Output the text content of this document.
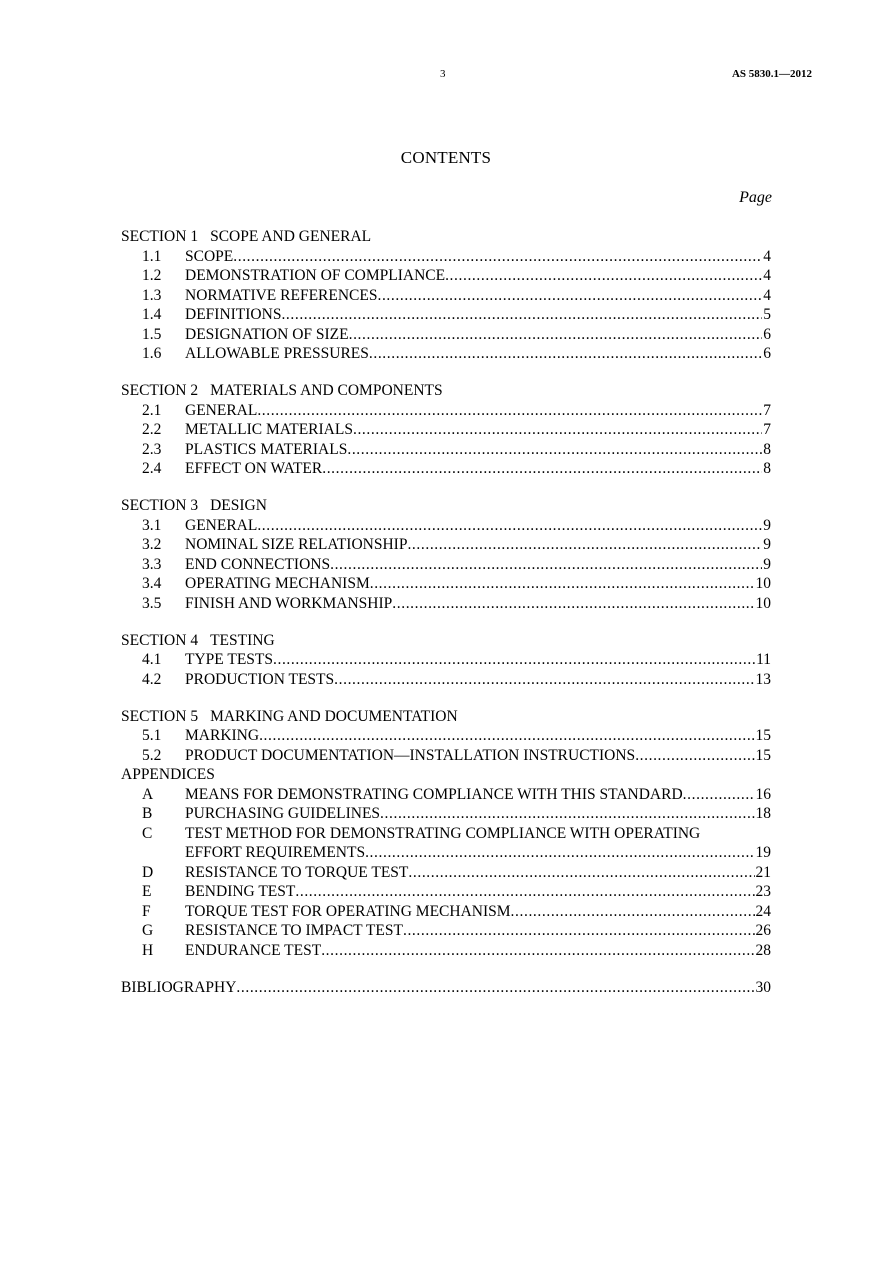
3	AS 5830.1—2012
CONTENTS
Page
SECTION 1 SCOPE AND GENERAL
1.1	SCOPE .....	4
1.2	DEMONSTRATION OF COMPLIANCE .....	4
1.3	NORMATIVE REFERENCES .....	4
1.4	DEFINITIONS .....	5
1.5	DESIGNATION OF SIZE .....	6
1.6	ALLOWABLE PRESSURES .....	6
SECTION 2 MATERIALS AND COMPONENTS
2.1	GENERAL .....	7
2.2	METALLIC MATERIALS .....	7
2.3	PLASTICS MATERIALS .....	8
2.4	EFFECT ON WATER .....	8
SECTION 3 DESIGN
3.1	GENERAL .....	9
3.2	NOMINAL SIZE RELATIONSHIP .....	9
3.3	END CONNECTIONS .....	9
3.4	OPERATING MECHANISM .....	10
3.5	FINISH AND WORKMANSHIP .....	10
SECTION 4 TESTING
4.1	TYPE TESTS .....	11
4.2	PRODUCTION TESTS .....	13
SECTION 5 MARKING AND DOCUMENTATION
5.1	MARKING .....	15
5.2	PRODUCT DOCUMENTATION—INSTALLATION INSTRUCTIONS .....	15
APPENDICES
A	MEANS FOR DEMONSTRATING COMPLIANCE WITH THIS STANDARD .....	16
B	PURCHASING GUIDELINES .....	18
C	TEST METHOD FOR DEMONSTRATING COMPLIANCE WITH OPERATING
EFFORT REQUIREMENTS .....	19
D	RESISTANCE TO TORQUE TEST .....	21
E	BENDING TEST .....	23
F	TORQUE TEST FOR OPERATING MECHANISM .....	24
G	RESISTANCE TO IMPACT TEST .....	26
H	ENDURANCE TEST .....	28
BIBLIOGRAPHY .....	30
